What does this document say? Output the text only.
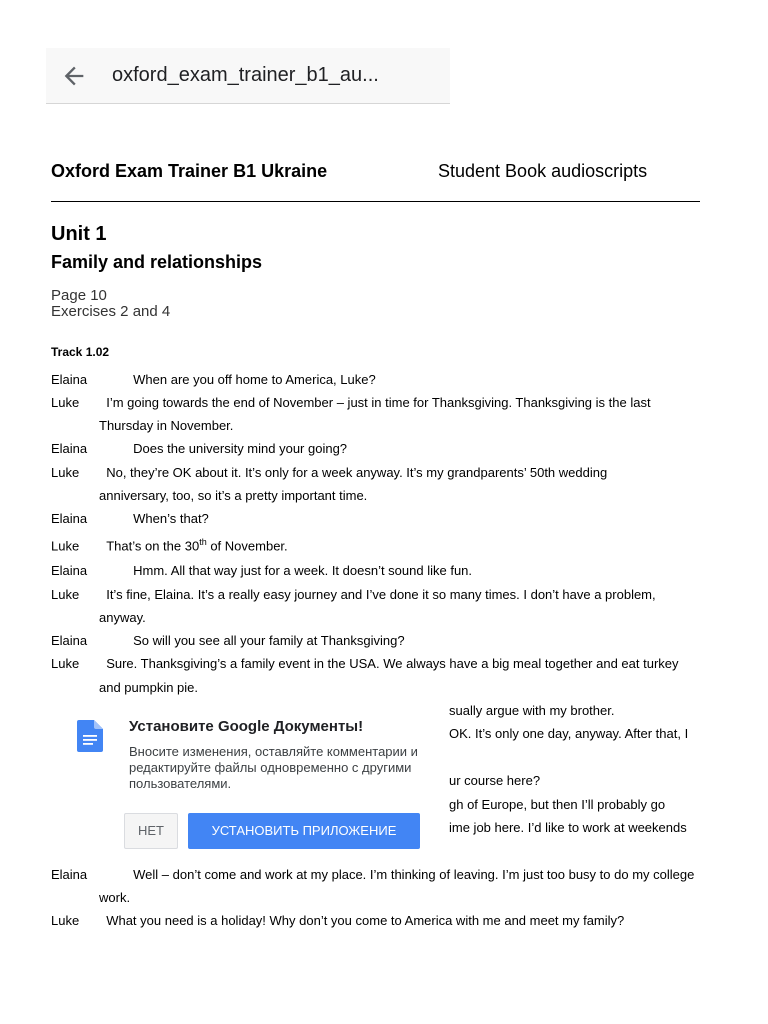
oxford_exam_trainer_b1_au...
Oxford Exam Trainer B1 Ukraine	Student Book audioscripts
Unit 1
Family and relationships
Page 10
Exercises 2 and 4
Track 1.02
Elaina	When are you off home to America, Luke?
Luke I’m going towards the end of November – just in time for Thanksgiving. Thanksgiving is the last
Thursday in November.
Elaina	Does the university mind your going?
Luke No, they’re OK about it. It’s only for a week anyway. It’s my grandparents’ 50th wedding
anniversary, too, so it’s a pretty important time.
Elaina	When’s that?
Luke That’s on the 30th of November.
Elaina	Hmm. All that way just for a week. It doesn’t sound like fun.
Luke It’s fine, Elaina. It’s a really easy journey and I’ve done it so many times. I don’t have a problem,
anyway.
Elaina	So will you see all your family at Thanksgiving?
Luke Sure. Thanksgiving’s a family event in the USA. We always have a big meal together and eat turkey
and pumpkin pie.
sually argue with my brother.
OK. It’s only one day, anyway. After that, I
ur course here?
gh of Europe, but then I’ll probably go
ime job here. I’d like to work at weekends
Elaina	Well – don’t come and work at my place. I’m thinking of leaving. I’m just too busy to do my college
work.
Luke What you need is a holiday! Why don’t you come to America with me and meet my family?
Установите Google Документы!
Вносите изменения, оставляйте комментарии и редактируйте файлы одновременно с другими пользователями.
НЕТ	УСТАНОВИТЬ ПРИЛОЖЕНИЕ
